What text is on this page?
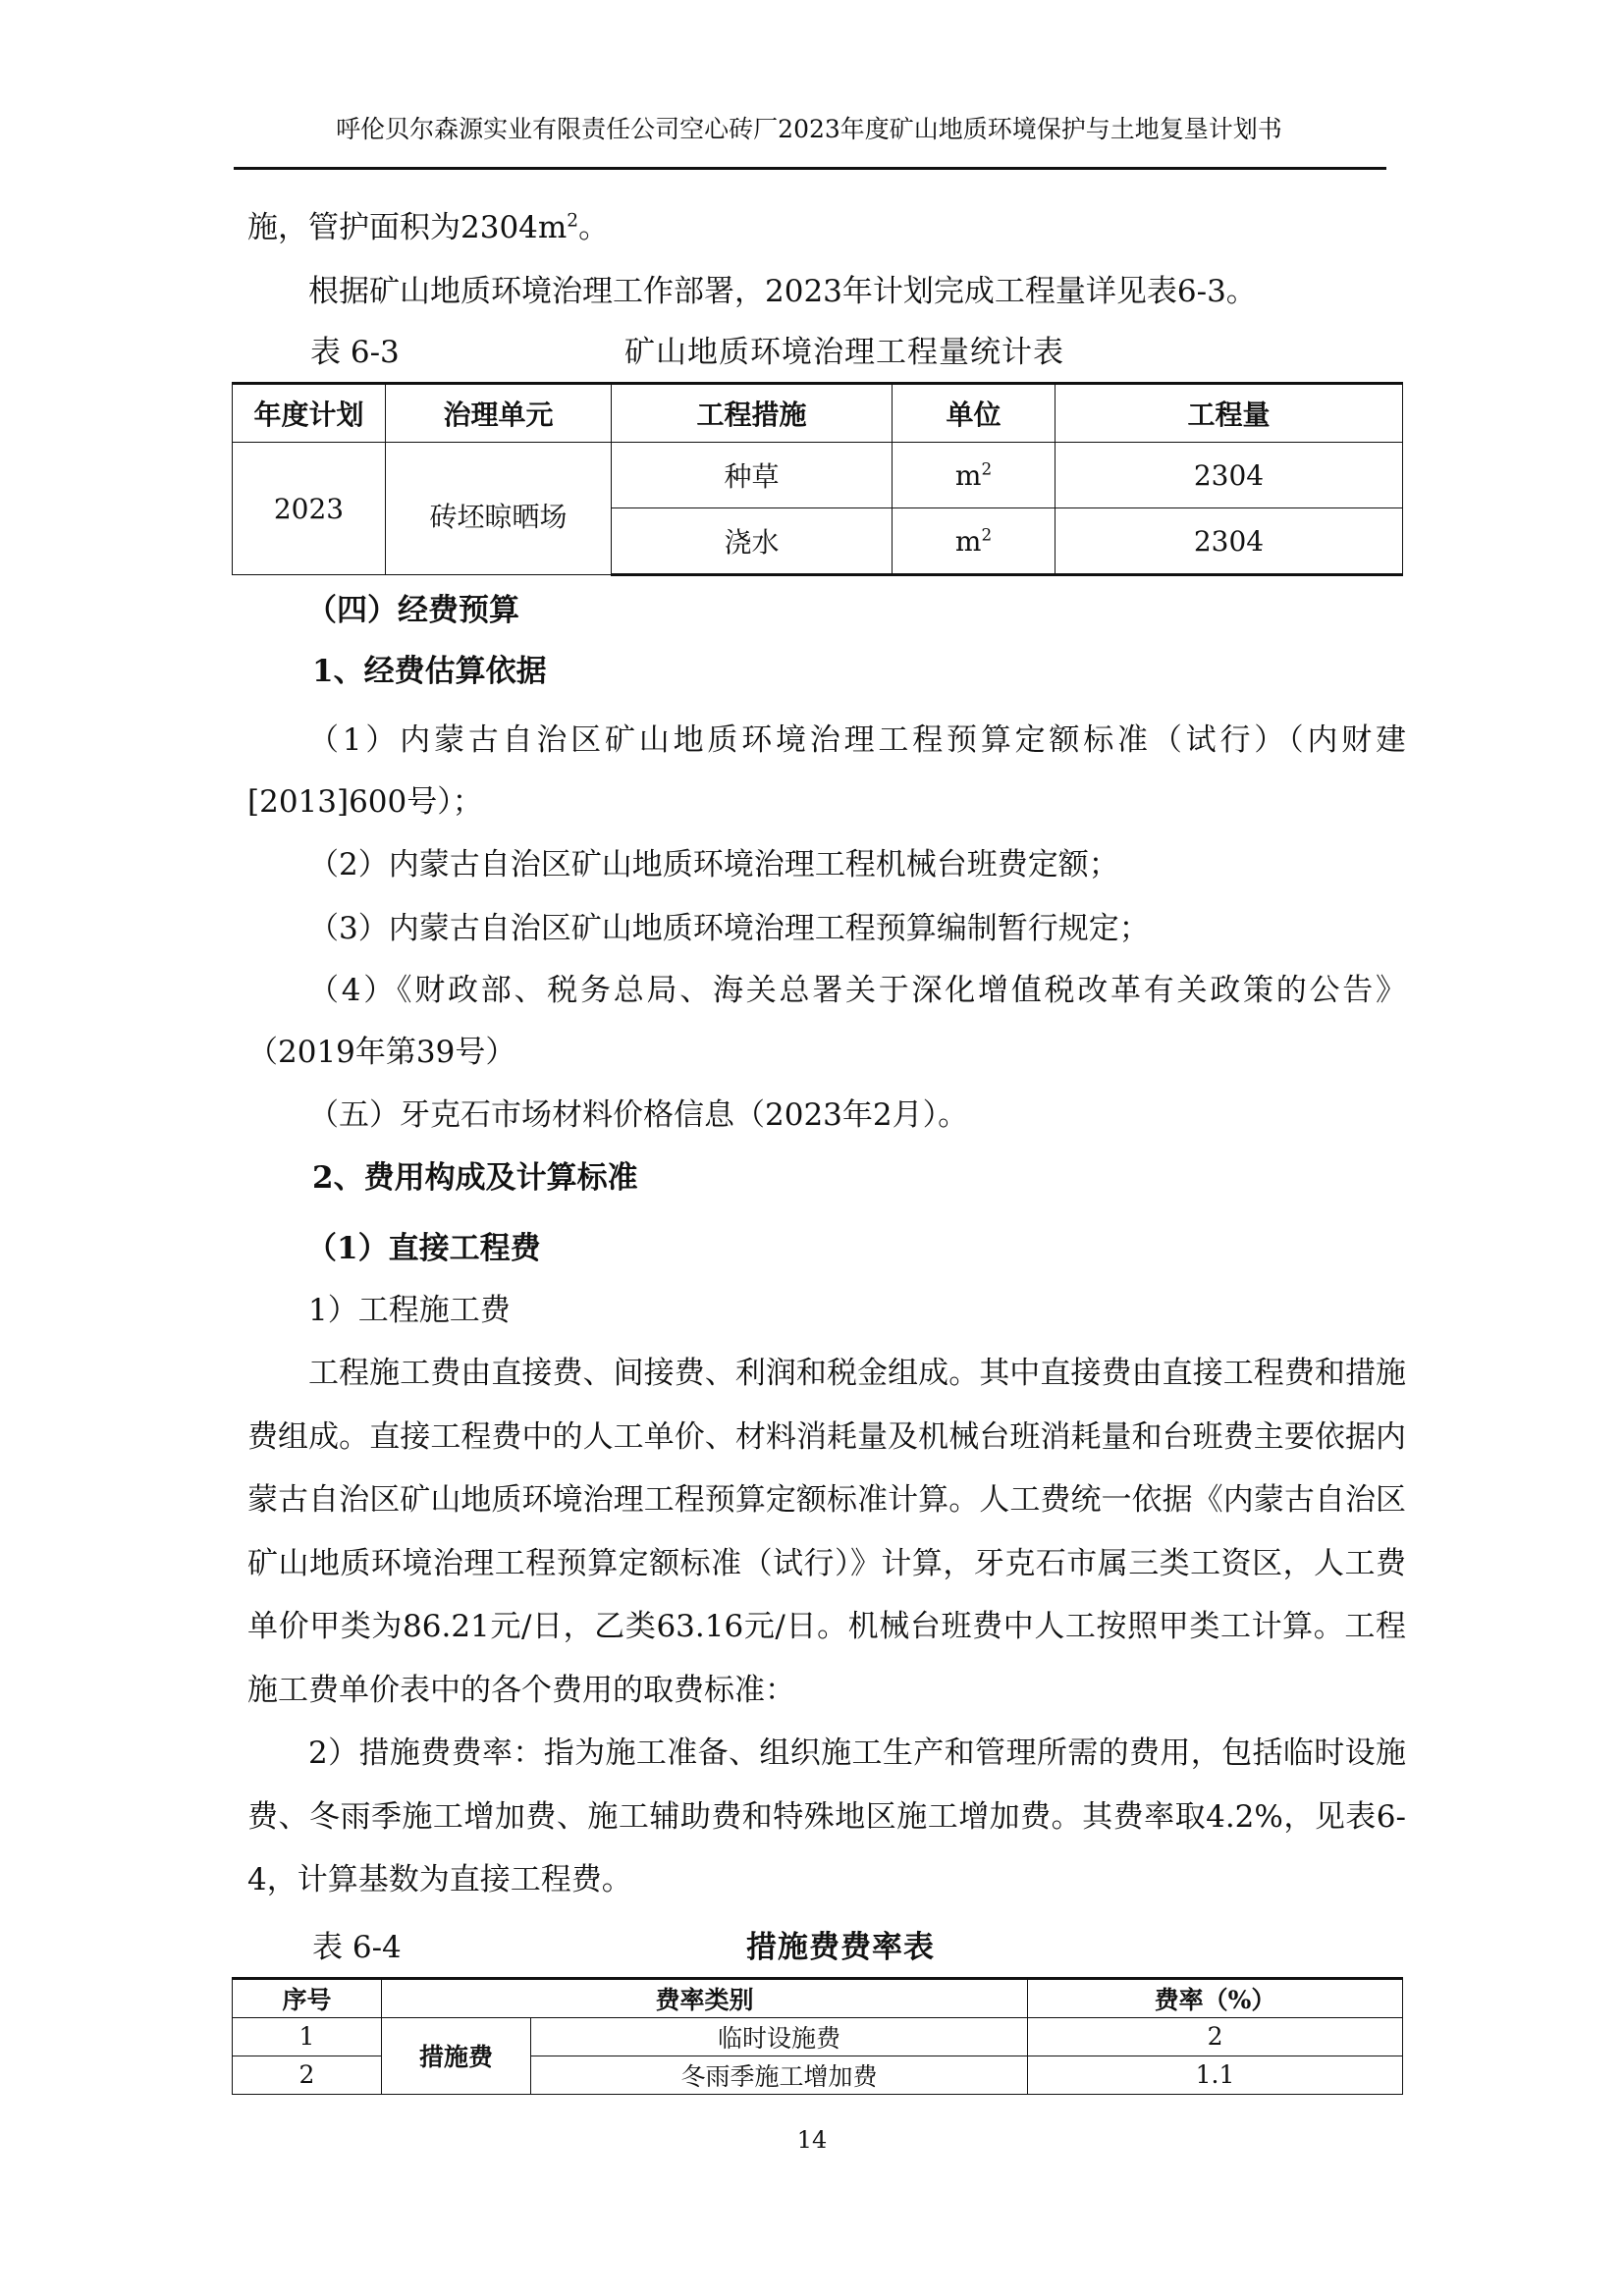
呼伦贝尔森源实业有限责任公司空心砖厂2023年度矿山地质环境保护与土地复垦计划书

施，管护面积为$2304m^2$。

根据矿山地质环境治理工作部署，2023年计划完成工程量详见表6-3。

表 6-3	矿山地质环境治理工程量统计表
年度计划	治理单元	工程措施	单位	工程量
2023	砖坯晾晒场	种草	$m^2$	2304
		浇水	$m^2$	2304

（四）经费预算

1、经费估算依据

（1）内蒙古自治区矿山地质环境治理工程预算定额标准（试行）（内财建[2013]600号）；

（2）内蒙古自治区矿山地质环境治理工程机械台班费定额；

（3）内蒙古自治区矿山地质环境治理工程预算编制暂行规定；

（4）《财政部、税务总局、海关总署关于深化增值税改革有关政策的公告》（2019年第39号）

（五）牙克石市场材料价格信息（2023年2月）。

2、费用构成及计算标准

（1）直接工程费

1）工程施工费

工程施工费由直接费、间接费、利润和税金组成。其中直接费由直接工程费和措施费组成。直接工程费中的人工单价、材料消耗量及机械台班消耗量和台班费主要依据内蒙古自治区矿山地质环境治理工程预算定额标准计算。人工费统一依据《内蒙古自治区矿山地质环境治理工程预算定额标准（试行）》计算，牙克石市属三类工资区，人工费单价甲类为86.21元/日，乙类63.16元/日。机械台班费中人工按照甲类工计算。工程施工费单价表中的各个费用的取费标准：

2）措施费费率：指为施工准备、组织施工生产和管理所需的费用，包括临时设施费、冬雨季施工增加费、施工辅助费和特殊地区施工增加费。其费率取4.2%，见表6-4，计算基数为直接工程费。

表 6-4	措施费费率表
序号	费率类别		费率（%）
1	措施费	临时设施费	2
2		冬雨季施工增加费	1.1
14
